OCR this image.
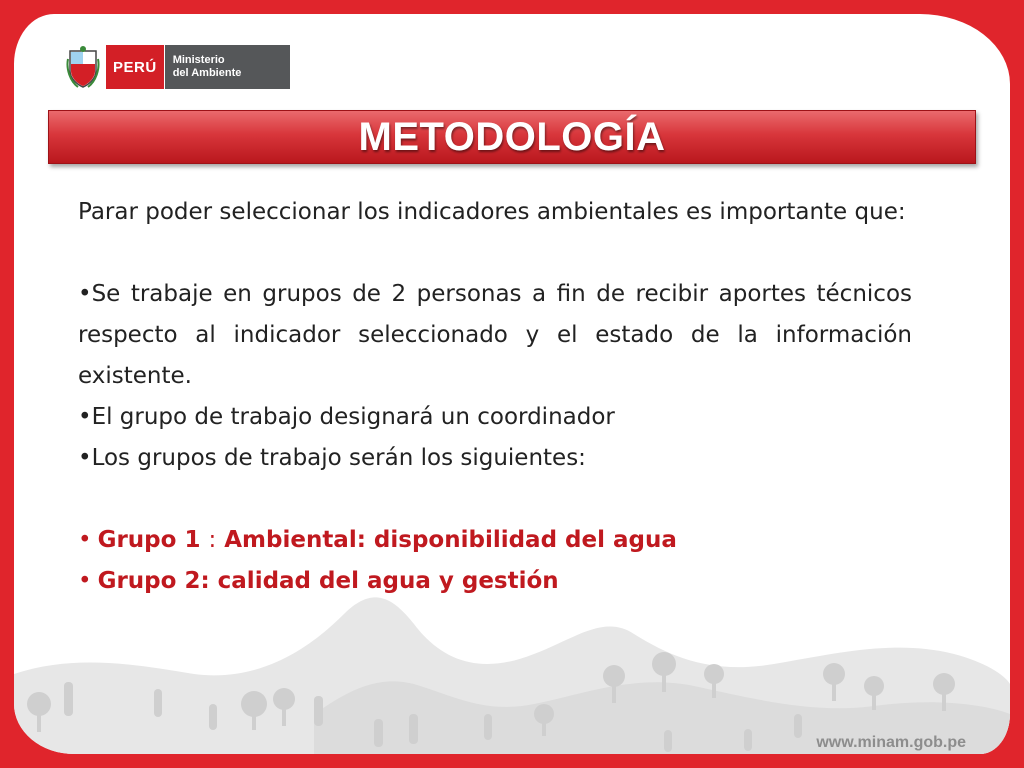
PERÚ	Ministerio
del Ambiente
www.minam.gob.pe
METODOLOGÍA

Parar poder seleccionar los indicadores ambientales es importante que:

•Se trabaje en grupos de 2 personas a fin de recibir aportes técnicos respecto al indicador seleccionado y el estado de la información existente.

•El grupo de trabajo designará un coordinador

•Los grupos de trabajo serán los siguientes:

• Grupo 1 : Ambiental: disponibilidad del agua

• Grupo 2: calidad del agua y gestión
